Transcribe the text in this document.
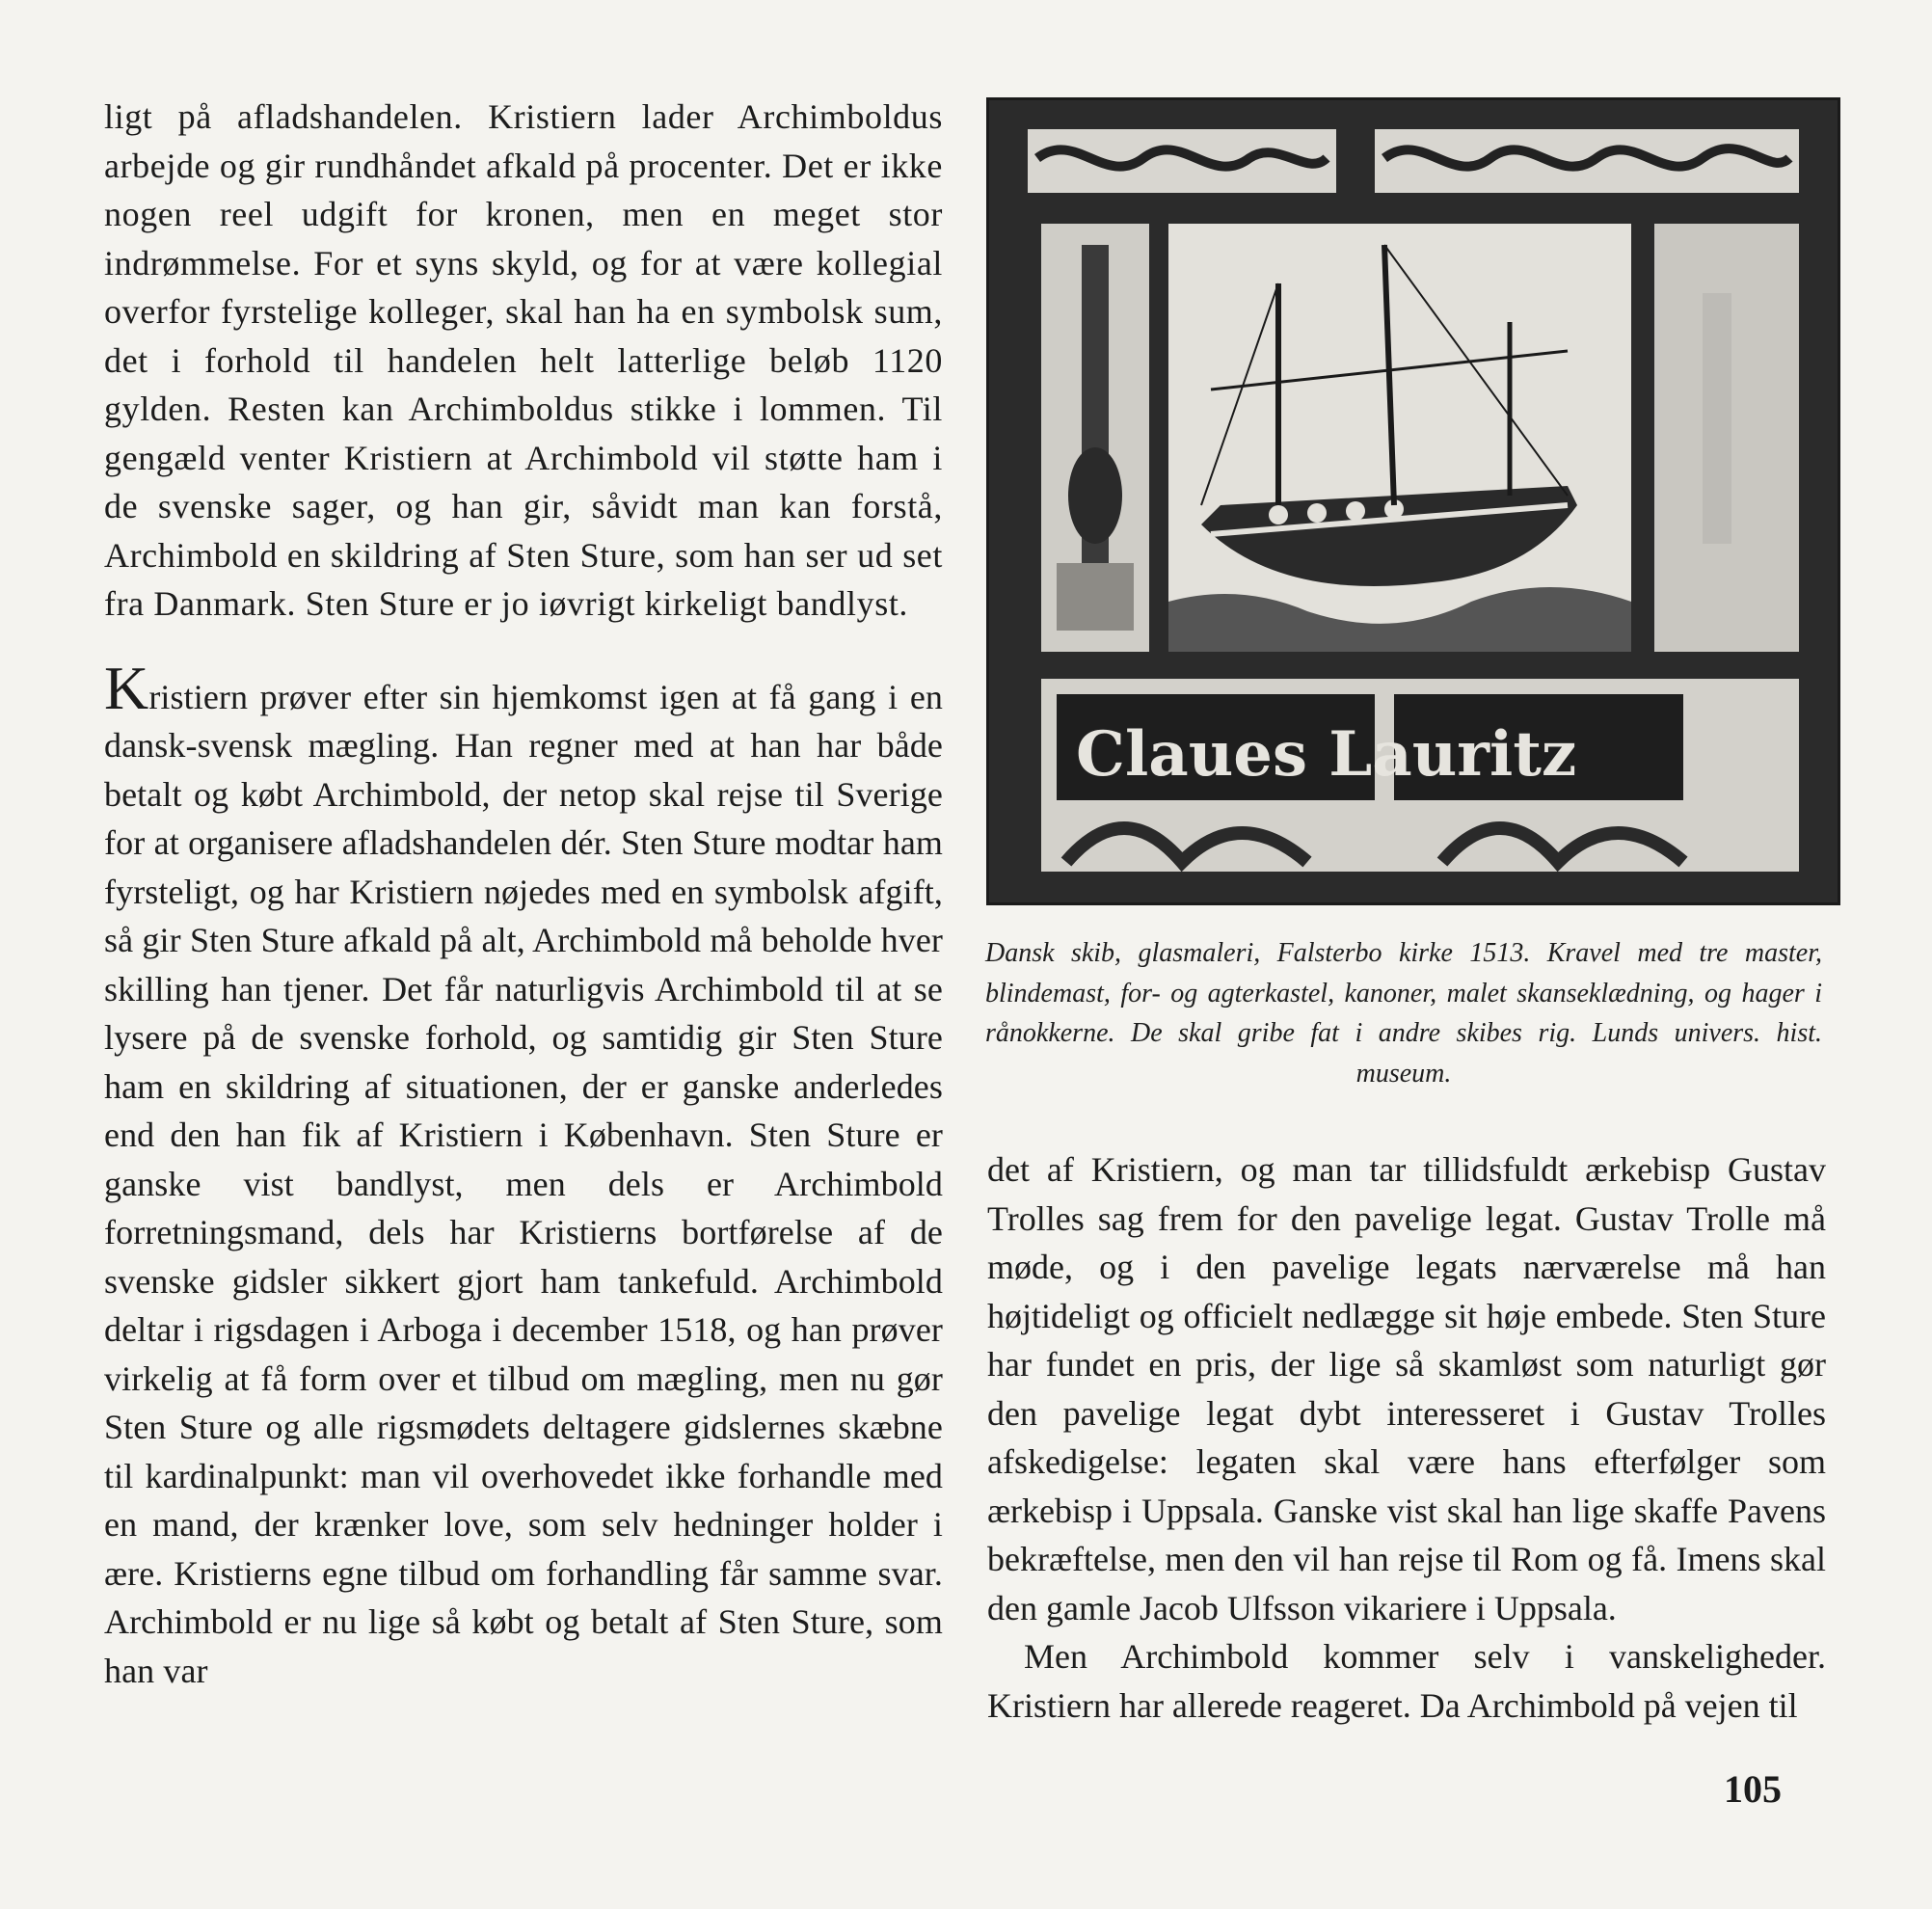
ligt på afladshandelen. Kristiern lader Archimboldus arbejde og gir rundhåndet afkald på procenter. Det er ikke nogen reel udgift for kronen, men en meget stor indrømmelse. For et syns skyld, og for at være kollegial overfor fyrstelige kolleger, skal han ha en symbolsk sum, det i forhold til handelen helt latterlige beløb 1120 gylden. Resten kan Archimboldus stikke i lommen. Til gengæld venter Kristiern at Archimbold vil støtte ham i de svenske sager, og han gir, såvidt man kan forstå, Archimbold en skildring af Sten Sture, som han ser ud set fra Danmark. Sten Sture er jo iøvrigt kirkeligt bandlyst.

Kristiern prøver efter sin hjemkomst igen at få gang i en dansk-svensk mægling. Han regner med at han har både betalt og købt Archimbold, der netop skal rejse til Sverige for at organisere afladshandelen dér. Sten Sture modtar ham fyrsteligt, og har Kristiern nøjedes med en symbolsk afgift, så gir Sten Sture afkald på alt, Archimbold må beholde hver skilling han tjener. Det får naturligvis Archimbold til at se lysere på de svenske forhold, og samtidig gir Sten Sture ham en skildring af situationen, der er ganske anderledes end den han fik af Kristiern i København. Sten Sture er ganske vist bandlyst, men dels er Archimbold forretningsmand, dels har Kristierns bortførelse af de svenske gidsler sikkert gjort ham tankefuld. Archimbold deltar i rigsdagen i Arboga i december 1518, og han prøver virkelig at få form over et tilbud om mægling, men nu gør Sten Sture og alle rigsmødets deltagere gidslernes skæbne til kardinalpunkt: man vil overhovedet ikke forhandle med en mand, der krænker love, som selv hedninger holder i ære. Kristierns egne tilbud om forhandling får samme svar. Archimbold er nu lige så købt og betalt af Sten Sture, som han var

Claues Lauritz
Dansk skib, glasmaleri, Falsterbo kirke 1513. Kravel med tre master, blindemast, for- og agterkastel, kanoner, malet skanseklædning, og hager i rånokkerne. De skal gribe fat i andre skibes rig. Lunds univers. hist. museum.

det af Kristiern, og man tar tillidsfuldt ærkebisp Gustav Trolles sag frem for den pavelige legat. Gustav Trolle må møde, og i den pavelige legats nærværelse må han højtideligt og officielt nedlægge sit høje embede. Sten Sture har fundet en pris, der lige så skamløst som naturligt gør den pavelige legat dybt interesseret i Gustav Trolles afskedigelse: legaten skal være hans efterfølger som ærkebisp i Uppsala. Ganske vist skal han lige skaffe Pavens bekræftelse, men den vil han rejse til Rom og få. Imens skal den gamle Jacob Ulfsson vikariere i Uppsala.

Men Archimbold kommer selv i vanskeligheder. Kristiern har allerede reageret. Da Archimbold på vejen til

105
